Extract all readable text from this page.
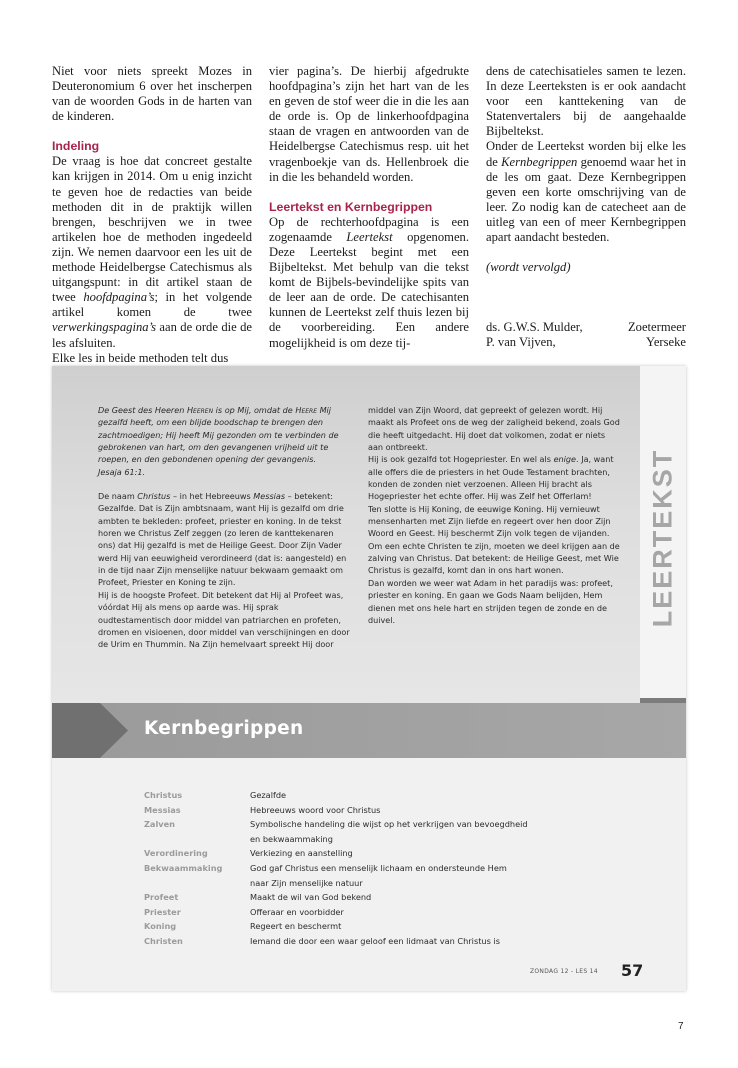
Niet voor niets spreekt Mozes in Deuteronomium 6 over het inscherpen van de woorden Gods in de harten van de kinderen.

Indeling

De vraag is hoe dat concreet gestalte kan krijgen in 2014. Om u enig inzicht te geven hoe de redacties van beide methoden dit in de praktijk willen brengen, beschrijven we in twee artikelen hoe de methoden ingedeeld zijn. We nemen daarvoor een les uit de methode Heidelbergse Catechismus als uitgangspunt: in dit artikel staan de twee hoofdpagina’s; in het volgende artikel komen de twee verwerkingspagina’s aan de orde die de les afsluiten.

Elke les in beide methoden telt dus

vier pagina’s. De hierbij afgedrukte hoofdpagina’s zijn het hart van de les en geven de stof weer die in die les aan de orde is. Op de linkerhoofdpagina staan de vragen en antwoorden van de Heidelbergse Catechismus resp. uit het vragenboekje van ds. Hellenbroek die in die les behandeld worden.

Leertekst en Kernbegrippen

Op de rechterhoofdpagina is een zogenaamde Leertekst opgenomen. Deze Leertekst begint met een Bijbeltekst. Met behulp van die tekst komt de Bijbels-bevindelijke spits van de leer aan de orde. De catechisanten kunnen de Leertekst zelf thuis lezen bij de voorbereiding. Een andere mogelijkheid is om deze tij-

dens de catechisatieles samen te lezen. In deze Leerteksten is er ook aandacht voor een kanttekening van de Statenvertalers bij de aangehaalde Bijbeltekst.

Onder de Leertekst worden bij elke les de Kernbegrippen genoemd waar het in de les om gaat. Deze Kernbegrippen geven een korte omschrijving van de leer. Zo nodig kan de catecheet aan de uitleg van een of meer Kernbegrippen apart aandacht besteden.

(wordt vervolgd)

ds. G.W.S. Mulder,	Zoetermeer
P. van Vijven,	Yerseke
LEERTEKST

De Geest des Heeren Heeren is op Mij, omdat de Heere Mij gezalfd heeft, om een blijde boodschap te brengen den zachtmoedigen; Hij heeft Mij gezonden om te verbinden de gebrokenen van hart, om den gevangenen vrijheid uit te roepen, en den gebondenen opening der gevangenis.

Jesaja 61:1.

De naam Christus – in het Hebreeuws Messias – betekent: Gezalfde. Dat is Zijn ambtsnaam, want Hij is gezalfd om drie ambten te bekleden: profeet, priester en koning. In de tekst horen we Christus Zelf zeggen (zo leren de kanttekenaren ons) dat Hij gezalfd is met de Heilige Geest. Door Zijn Vader werd Hij van eeuwigheid verordineerd (dat is: aangesteld) en in de tijd naar Zijn menselijke natuur bekwaam gemaakt om Profeet, Priester en Koning te zijn.

Hij is de hoogste Profeet. Dit betekent dat Hij al Profeet was, vóórdat Hij als mens op aarde was. Hij sprak oudtestamentisch door middel van patriarchen en profeten, dromen en visioenen, door middel van verschijningen en door de Urim en Thummin. Na Zijn hemelvaart spreekt Hij door

middel van Zijn Woord, dat gepreekt of gelezen wordt. Hij maakt als Profeet ons de weg der zaligheid bekend, zoals God die heeft uitgedacht. Hij doet dat volkomen, zodat er niets aan ontbreekt.

Hij is ook gezalfd tot Hogepriester. En wel als enige. Ja, want alle offers die de priesters in het Oude Testament brachten, konden de zonden niet verzoenen. Alleen Hij bracht als Hogepriester het echte offer. Hij was Zelf het Offerlam!

Ten slotte is Hij Koning, de eeuwige Koning. Hij vernieuwt mensenharten met Zijn liefde en regeert over hen door Zijn Woord en Geest. Hij beschermt Zijn volk tegen de vijanden. Om een echte Christen te zijn, moeten we deel krijgen aan de zalving van Christus. Dat betekent: de Heilige Geest, met Wie Christus is gezalfd, komt dan in ons hart wonen.

Dan worden we weer wat Adam in het paradijs was: profeet, priester en koning. En gaan we Gods Naam belijden, Hem dienen met ons hele hart en strijden tegen de zonde en de duivel.

Kernbegrippen
Christus	Gezalfde
Messias	Hebreeuws woord voor Christus
Zalven	Symbolische handeling die wijst op het verkrijgen van bevoegdheid
en bekwaammaking
Verordinering	Verkiezing en aanstelling
Bekwaammaking	God gaf Christus een menselijk lichaam en ondersteunde Hem
naar Zijn menselijke natuur
Profeet	Maakt de wil van God bekend
Priester	Offeraar en voorbidder
Koning	Regeert en beschermt
Christen	Iemand die door een waar geloof een lidmaat van Christus is
ZONDAG 12 - LES 14 57
7
